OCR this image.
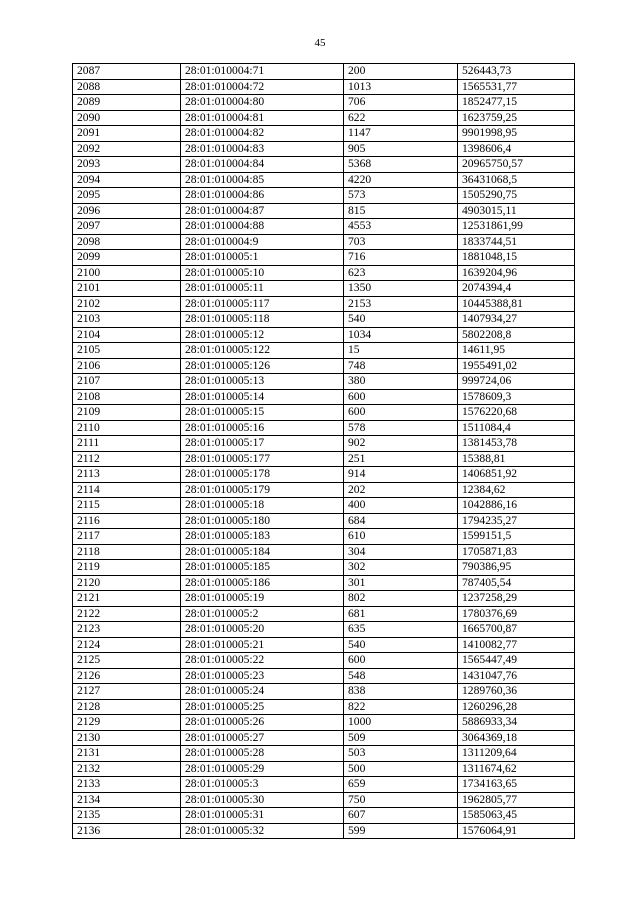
45
2087	28:01:010004:71	200	526443,73
2088	28:01:010004:72	1013	1565531,77
2089	28:01:010004:80	706	1852477,15
2090	28:01:010004:81	622	1623759,25
2091	28:01:010004:82	1147	9901998,95
2092	28:01:010004:83	905	1398606,4
2093	28:01:010004:84	5368	20965750,57
2094	28:01:010004:85	4220	36431068,5
2095	28:01:010004:86	573	1505290,75
2096	28:01:010004:87	815	4903015,11
2097	28:01:010004:88	4553	12531861,99
2098	28:01:010004:9	703	1833744,51
2099	28:01:010005:1	716	1881048,15
2100	28:01:010005:10	623	1639204,96
2101	28:01:010005:11	1350	2074394,4
2102	28:01:010005:117	2153	10445388,81
2103	28:01:010005:118	540	1407934,27
2104	28:01:010005:12	1034	5802208,8
2105	28:01:010005:122	15	14611,95
2106	28:01:010005:126	748	1955491,02
2107	28:01:010005:13	380	999724,06
2108	28:01:010005:14	600	1578609,3
2109	28:01:010005:15	600	1576220,68
2110	28:01:010005:16	578	1511084,4
2111	28:01:010005:17	902	1381453,78
2112	28:01:010005:177	251	15388,81
2113	28:01:010005:178	914	1406851,92
2114	28:01:010005:179	202	12384,62
2115	28:01:010005:18	400	1042886,16
2116	28:01:010005:180	684	1794235,27
2117	28:01:010005:183	610	1599151,5
2118	28:01:010005:184	304	1705871,83
2119	28:01:010005:185	302	790386,95
2120	28:01:010005:186	301	787405,54
2121	28:01:010005:19	802	1237258,29
2122	28:01:010005:2	681	1780376,69
2123	28:01:010005:20	635	1665700,87
2124	28:01:010005:21	540	1410082,77
2125	28:01:010005:22	600	1565447,49
2126	28:01:010005:23	548	1431047,76
2127	28:01:010005:24	838	1289760,36
2128	28:01:010005:25	822	1260296,28
2129	28:01:010005:26	1000	5886933,34
2130	28:01:010005:27	509	3064369,18
2131	28:01:010005:28	503	1311209,64
2132	28:01:010005:29	500	1311674,62
2133	28:01:010005:3	659	1734163,65
2134	28:01:010005:30	750	1962805,77
2135	28:01:010005:31	607	1585063,45
2136	28:01:010005:32	599	1576064,91
